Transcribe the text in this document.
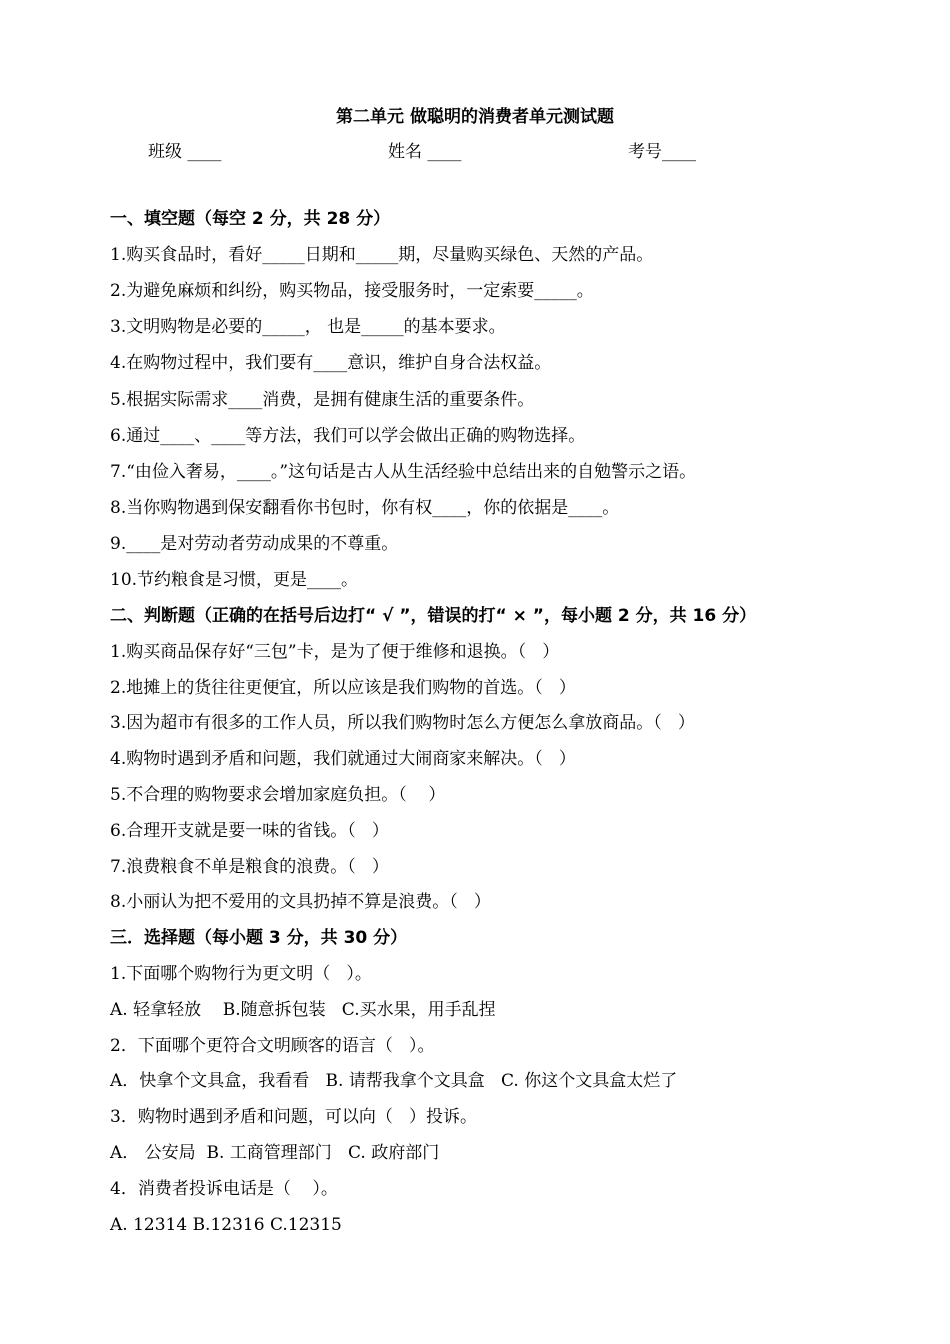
第二单元 做聪明的消费者单元测试题
班级 ____	姓名 ____	考号____
一、填空题（每空 2 分，共 28 分）
1.购买食品时，看好_____日期和_____期，尽量购买绿色、天然的产品。
2.为避免麻烦和纠纷，购买物品，接受服务时，一定索要_____。
3.文明购物是必要的_____， 也是_____的基本要求。
4.在购物过程中，我们要有____意识，维护自身合法权益。
5.根据实际需求____消费，是拥有健康生活的重要条件。
6.通过____、____等方法，我们可以学会做出正确的购物选择。
7.“由俭入奢易，____。”这句话是古人从生活经验中总结出来的自勉警示之语。
8.当你购物遇到保安翻看你书包时，你有权____，你的依据是____。
9.____是对劳动者劳动成果的不尊重。
10.节约粮食是习惯，更是____。
二、判断题（正确的在括号后边打“ √ ”，错误的打“ × ”，每小题 2 分，共 16 分）
1.购买商品保存好“三包”卡，是为了便于维修和退换。（   ）
2.地摊上的货往往更便宜，所以应该是我们购物的首选。（   ）
3.因为超市有很多的工作人员，所以我们购物时怎么方便怎么拿放商品。（   ）
4.购物时遇到矛盾和问题，我们就通过大闹商家来解决。（   ）
5.不合理的购物要求会增加家庭负担。（    ）
6.合理开支就是要一味的省钱。（   ）
7.浪费粮食不单是粮食的浪费。（   ）
8.小丽认为把不爱用的文具扔掉不算是浪费。（   ）
三．选择题（每小题 3 分，共 30 分）
1.下面哪个购物行为更文明（   ）。
A. 轻拿轻放    B.随意拆包装   C.买水果，用手乱捏
2．下面哪个更符合文明顾客的语言（   ）。
A．快拿个文具盒，我看看   B. 请帮我拿个文具盒   C. 你这个文具盒太烂了
3．购物时遇到矛盾和问题，可以向（   ）投诉。
A． 公安局  B. 工商管理部门   C. 政府部门
4．消费者投诉电话是（    ）。
A. 12314 B.12316 C.12315
